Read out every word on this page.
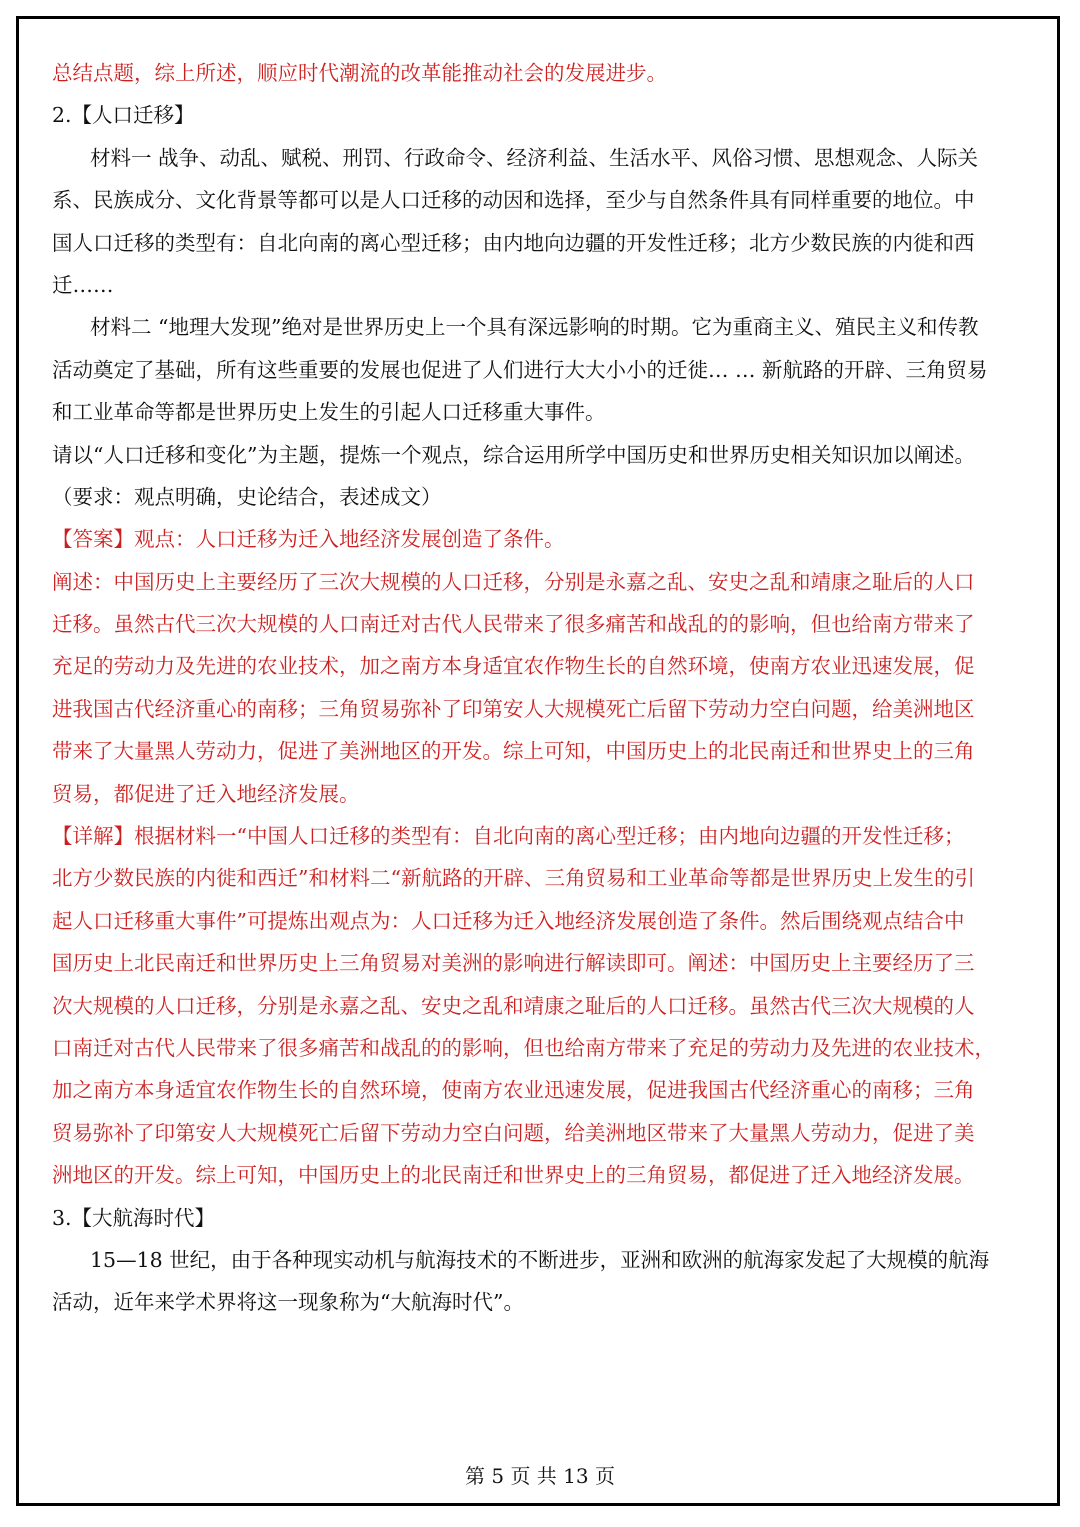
总结点题，综上所述，顺应时代潮流的改革能推动社会的发展进步。
2.【人口迁移】
材料一 战争、动乱、赋税、刑罚、行政命令、经济利益、生活水平、风俗习惯、思想观念、人际关
系、民族成分、文化背景等都可以是人口迁移的动因和选择，至少与自然条件具有同样重要的地位。中
国人口迁移的类型有：自北向南的离心型迁移；由内地向边疆的开发性迁移；北方少数民族的内徙和西
迁……
材料二 “地理大发现”绝对是世界历史上一个具有深远影响的时期。它为重商主义、殖民主义和传教
活动奠定了基础，所有这些重要的发展也促进了人们进行大大小小的迁徙… … 新航路的开辟、三角贸易
和工业革命等都是世界历史上发生的引起人口迁移重大事件。
请以“人口迁移和变化”为主题，提炼一个观点，综合运用所学中国历史和世界历史相关知识加以阐述。
（要求：观点明确，史论结合，表述成文）
【答案】观点：人口迁移为迁入地经济发展创造了条件。
阐述：中国历史上主要经历了三次大规模的人口迁移，分别是永嘉之乱、安史之乱和靖康之耻后的人口
迁移。虽然古代三次大规模的人口南迁对古代人民带来了很多痛苦和战乱的的影响，但也给南方带来了
充足的劳动力及先进的农业技术，加之南方本身适宜农作物生长的自然环境，使南方农业迅速发展，促
进我国古代经济重心的南移；三角贸易弥补了印第安人大规模死亡后留下劳动力空白问题，给美洲地区
带来了大量黑人劳动力，促进了美洲地区的开发。综上可知，中国历史上的北民南迁和世界史上的三角
贸易，都促进了迁入地经济发展。
【详解】根据材料一“中国人口迁移的类型有：自北向南的离心型迁移；由内地向边疆的开发性迁移；
北方少数民族的内徙和西迁”和材料二“新航路的开辟、三角贸易和工业革命等都是世界历史上发生的引
起人口迁移重大事件”可提炼出观点为：人口迁移为迁入地经济发展创造了条件。然后围绕观点结合中
国历史上北民南迁和世界历史上三角贸易对美洲的影响进行解读即可。阐述：中国历史上主要经历了三
次大规模的人口迁移，分别是永嘉之乱、安史之乱和靖康之耻后的人口迁移。虽然古代三次大规模的人
口南迁对古代人民带来了很多痛苦和战乱的的影响，但也给南方带来了充足的劳动力及先进的农业技术，
加之南方本身适宜农作物生长的自然环境，使南方农业迅速发展，促进我国古代经济重心的南移；三角
贸易弥补了印第安人大规模死亡后留下劳动力空白问题，给美洲地区带来了大量黑人劳动力，促进了美
洲地区的开发。综上可知，中国历史上的北民南迁和世界史上的三角贸易，都促进了迁入地经济发展。
3.【大航海时代】
15—18 世纪，由于各种现实动机与航海技术的不断进步，亚洲和欧洲的航海家发起了大规模的航海
活动，近年来学术界将这一现象称为“大航海时代”。
第 5 页 共 13 页
